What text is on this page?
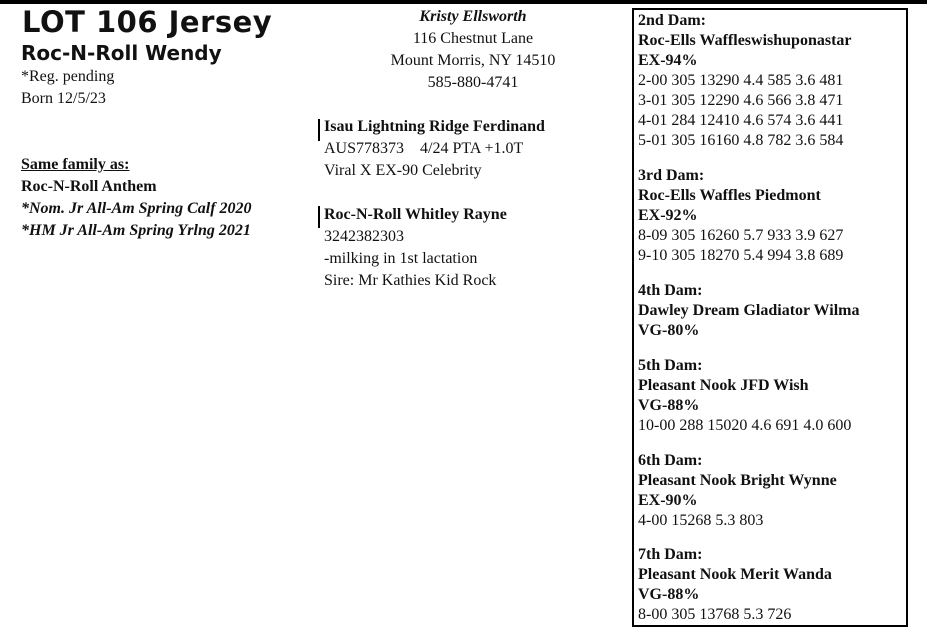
LOT 106 Jersey
Roc-N-Roll Wendy
*Reg. pending
Born 12/5/23
Same family as:
Roc-N-Roll Anthem
*Nom. Jr All-Am Spring Calf 2020
*HM Jr All-Am Spring Yrlng 2021
Kristy Ellsworth
116 Chestnut Lane
Mount Morris, NY 14510
585-880-4741
Isau Lightning Ridge Ferdinand
AUS778373    4/24 PTA +1.0T
Viral X EX-90 Celebrity
Roc-N-Roll Whitley Rayne
3242382303
-milking in 1st lactation
Sire: Mr Kathies Kid Rock
2nd Dam:
Roc-Ells Waffleswishuponastar
EX-94%
2-00 305 13290 4.4 585 3.6 481
3-01 305 12290 4.6 566 3.8 471
4-01 284 12410 4.6 574 3.6 441
5-01 305 16160 4.8 782 3.6 584
3rd Dam:
Roc-Ells Waffles Piedmont
EX-92%
8-09 305 16260 5.7 933 3.9 627
9-10 305 18270 5.4 994 3.8 689
4th Dam:
Dawley Dream Gladiator Wilma
VG-80%
5th Dam:
Pleasant Nook JFD Wish
VG-88%
10-00 288 15020 4.6 691 4.0 600
6th Dam:
Pleasant Nook Bright Wynne
EX-90%
4-00 15268 5.3 803
7th Dam:
Pleasant Nook Merit Wanda
VG-88%
8-00 305 13768 5.3 726
